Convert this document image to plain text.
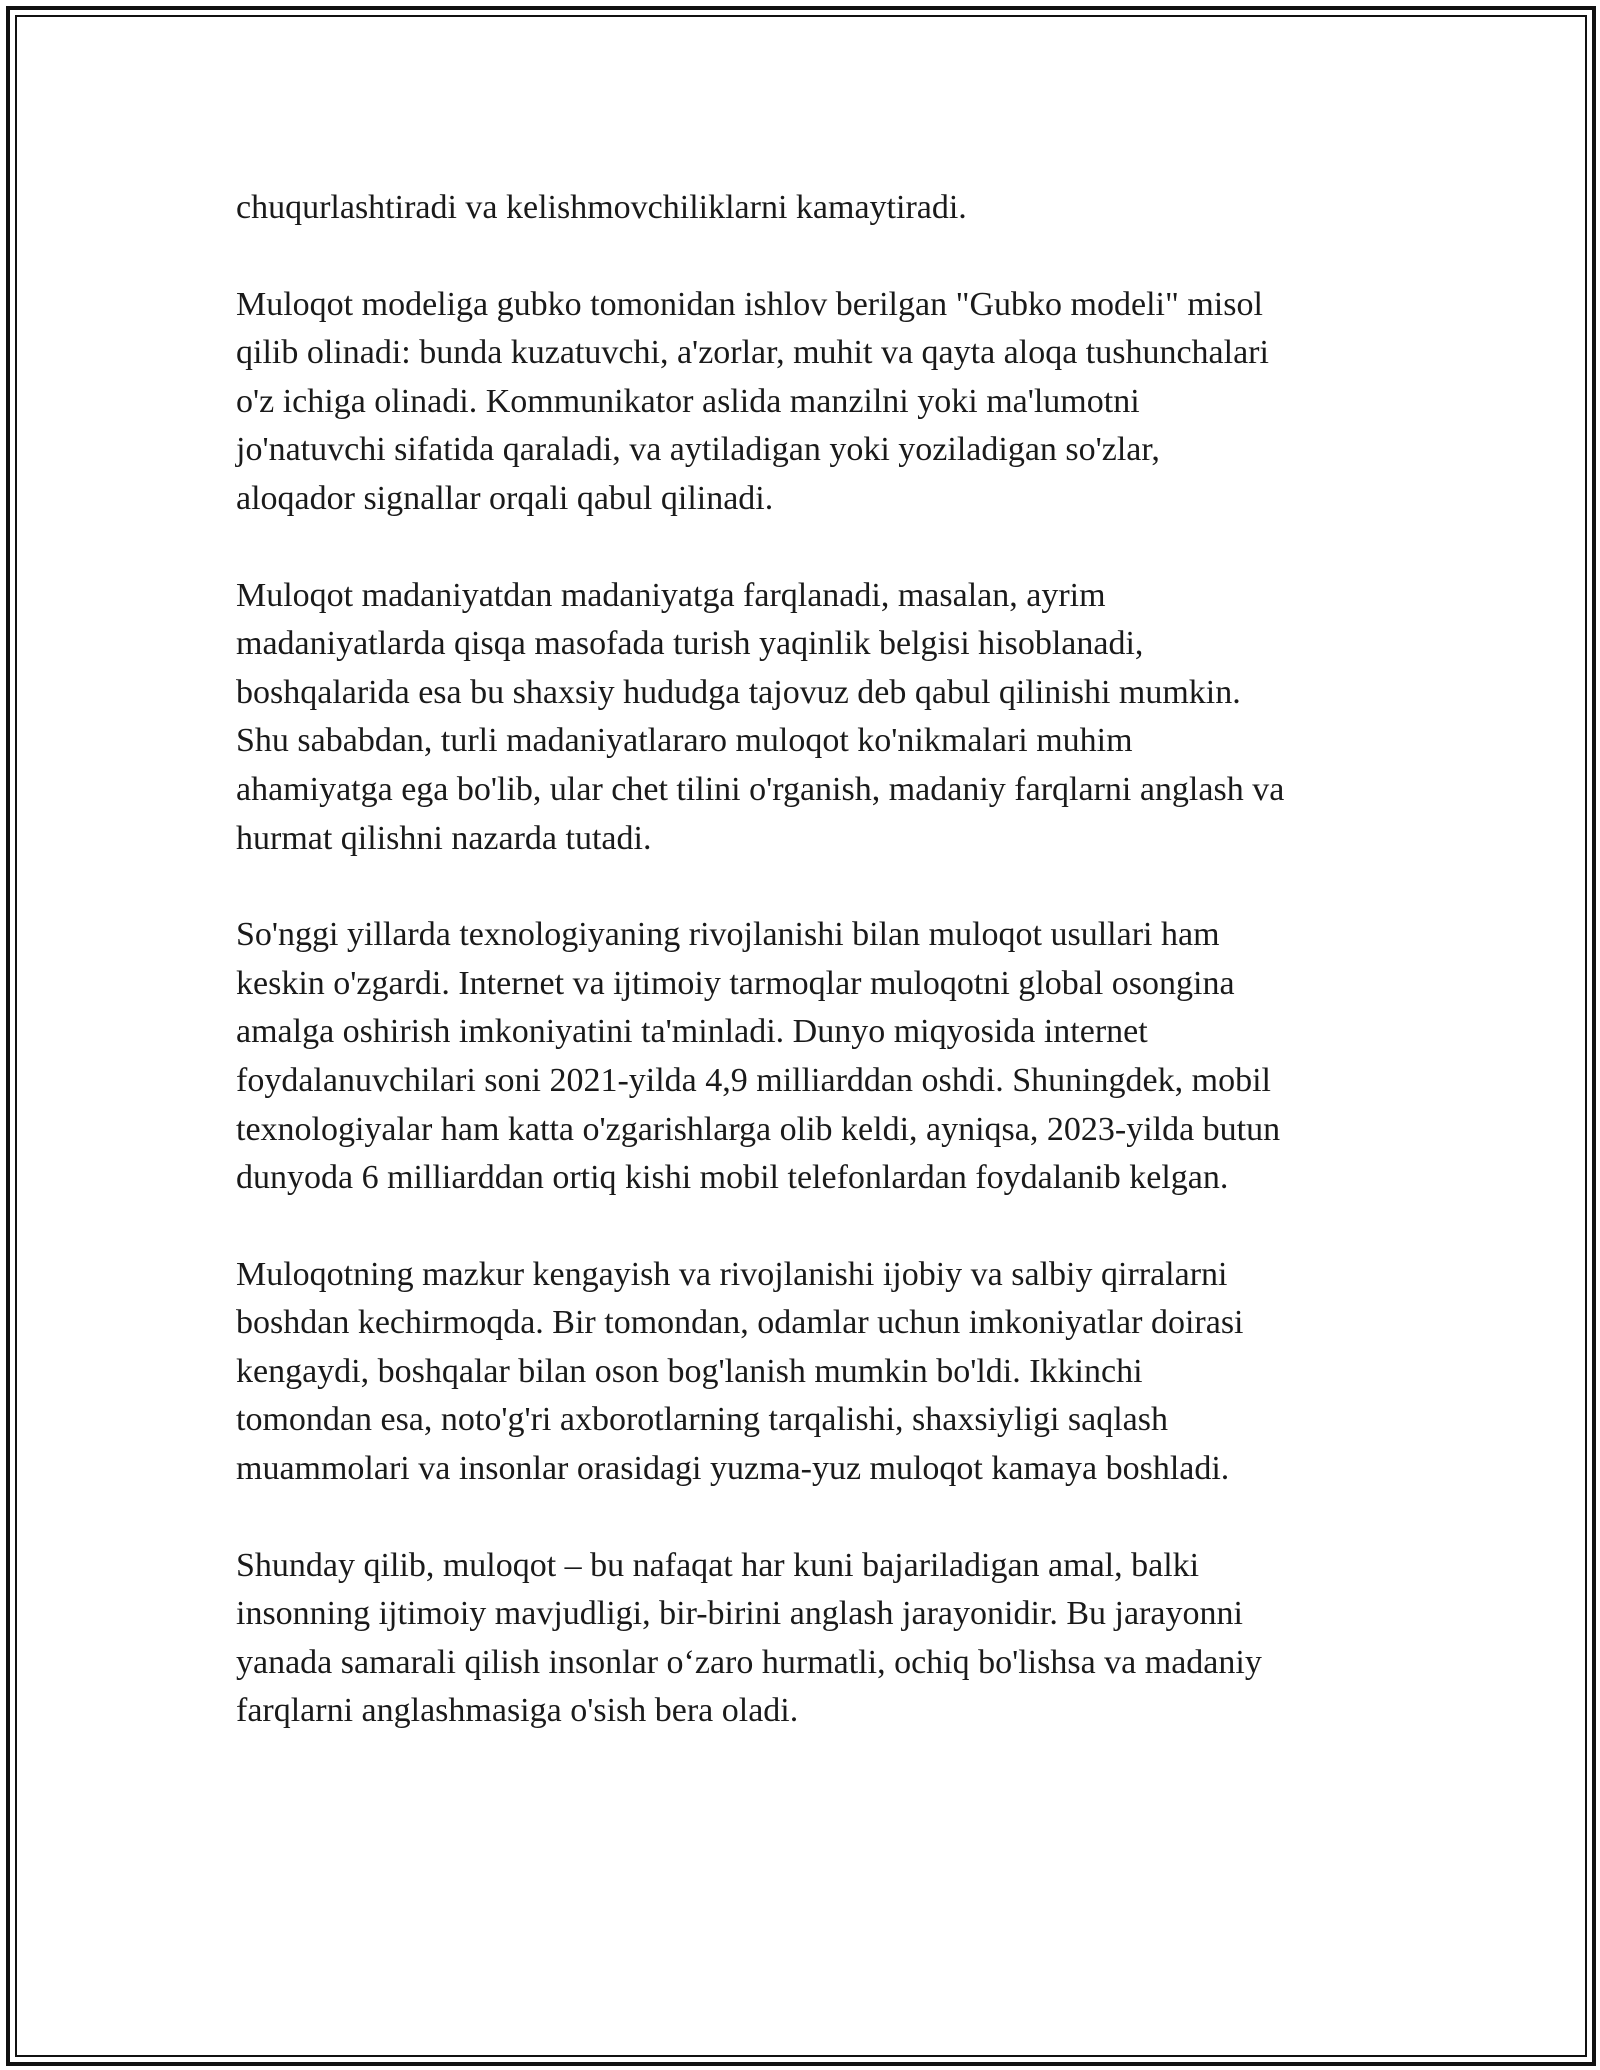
chuqurlashtiradi va kelishmovchiliklarni kamaytiradi.

Muloqot modeliga gubko tomonidan ishlov berilgan "Gubko modeli" misol
qilib olinadi: bunda kuzatuvchi, a'zorlar, muhit va qayta aloqa tushunchalari
o'z ichiga olinadi. Kommunikator aslida manzilni yoki ma'lumotni
jo'natuvchi sifatida qaraladi, va aytiladigan yoki yoziladigan so'zlar,
aloqador signallar orqali qabul qilinadi.

Muloqot madaniyatdan madaniyatga farqlanadi, masalan, ayrim
madaniyatlarda qisqa masofada turish yaqinlik belgisi hisoblanadi,
boshqalarida esa bu shaxsiy hududga tajovuz deb qabul qilinishi mumkin.
Shu sababdan, turli madaniyatlararo muloqot ko'nikmalari muhim
ahamiyatga ega bo'lib, ular chet tilini o'rganish, madaniy farqlarni anglash va
hurmat qilishni nazarda tutadi.

So'nggi yillarda texnologiyaning rivojlanishi bilan muloqot usullari ham
keskin o'zgardi. Internet va ijtimoiy tarmoqlar muloqotni global osongina
amalga oshirish imkoniyatini ta'minladi. Dunyo miqyosida internet
foydalanuvchilari soni 2021-yilda 4,9 milliarddan oshdi. Shuningdek, mobil
texnologiyalar ham katta o'zgarishlarga olib keldi, ayniqsa, 2023-yilda butun
dunyoda 6 milliarddan ortiq kishi mobil telefonlardan foydalanib kelgan.

Muloqotning mazkur kengayish va rivojlanishi ijobiy va salbiy qirralarni
boshdan kechirmoqda. Bir tomondan, odamlar uchun imkoniyatlar doirasi
kengaydi, boshqalar bilan oson bog'lanish mumkin bo'ldi. Ikkinchi
tomondan esa, noto'g'ri axborotlarning tarqalishi, shaxsiyligi saqlash
muammolari va insonlar orasidagi yuzma-yuz muloqot kamaya boshladi.

Shunday qilib, muloqot – bu nafaqat har kuni bajariladigan amal, balki
insonning ijtimoiy mavjudligi, bir-birini anglash jarayonidir. Bu jarayonni
yanada samarali qilish insonlar o‘zaro hurmatli, ochiq bo'lishsa va madaniy
farqlarni anglashmasiga o'sish bera oladi.
